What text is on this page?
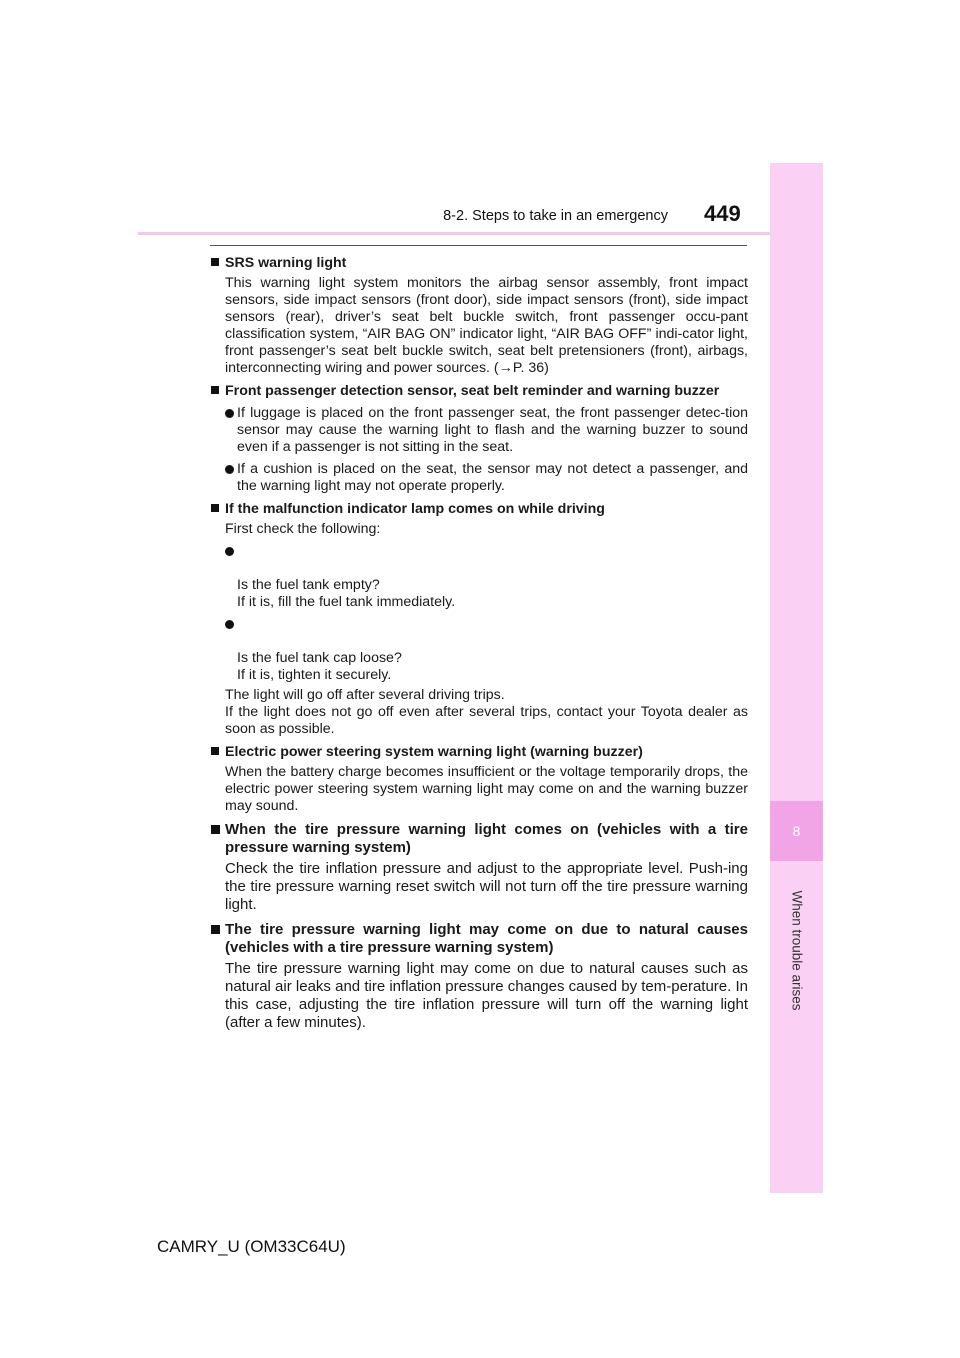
8-2. Steps to take in an emergency 449
8
When trouble arises
SRS warning light
This warning light system monitors the airbag sensor assembly, front impact sensors, side impact sensors (front door), side impact sensors (front), side impact sensors (rear), driver’s seat belt buckle switch, front passenger occu-pant classification system, “AIR BAG ON” indicator light, “AIR BAG OFF” indi-cator light, front passenger’s seat belt buckle switch, seat belt pretensioners (front), airbags, interconnecting wiring and power sources. (→P. 36)
Front passenger detection sensor, seat belt reminder and warning buzzer
If luggage is placed on the front passenger seat, the front passenger detec-tion sensor may cause the warning light to flash and the warning buzzer to sound even if a passenger is not sitting in the seat.
If a cushion is placed on the seat, the sensor may not detect a passenger, and the warning light may not operate properly.
If the malfunction indicator lamp comes on while driving
First check the following:

Is the fuel tank empty?
If it is, fill the fuel tank immediately.

Is the fuel tank cap loose?
If it is, tighten it securely.

The light will go off after several driving trips.
If the light does not go off even after several trips, contact your Toyota dealer as soon as possible.
Electric power steering system warning light (warning buzzer)
When the battery charge becomes insufficient or the voltage temporarily drops, the electric power steering system warning light may come on and the warning buzzer may sound.
When the tire pressure warning light comes on (vehicles with a tire pressure warning system)
Check the tire inflation pressure and adjust to the appropriate level. Push-ing the tire pressure warning reset switch will not turn off the tire pressure warning light.
The tire pressure warning light may come on due to natural causes (vehicles with a tire pressure warning system)
The tire pressure warning light may come on due to natural causes such as natural air leaks and tire inflation pressure changes caused by tem-perature. In this case, adjusting the tire inflation pressure will turn off the warning light (after a few minutes).
CAMRY_U (OM33C64U)
